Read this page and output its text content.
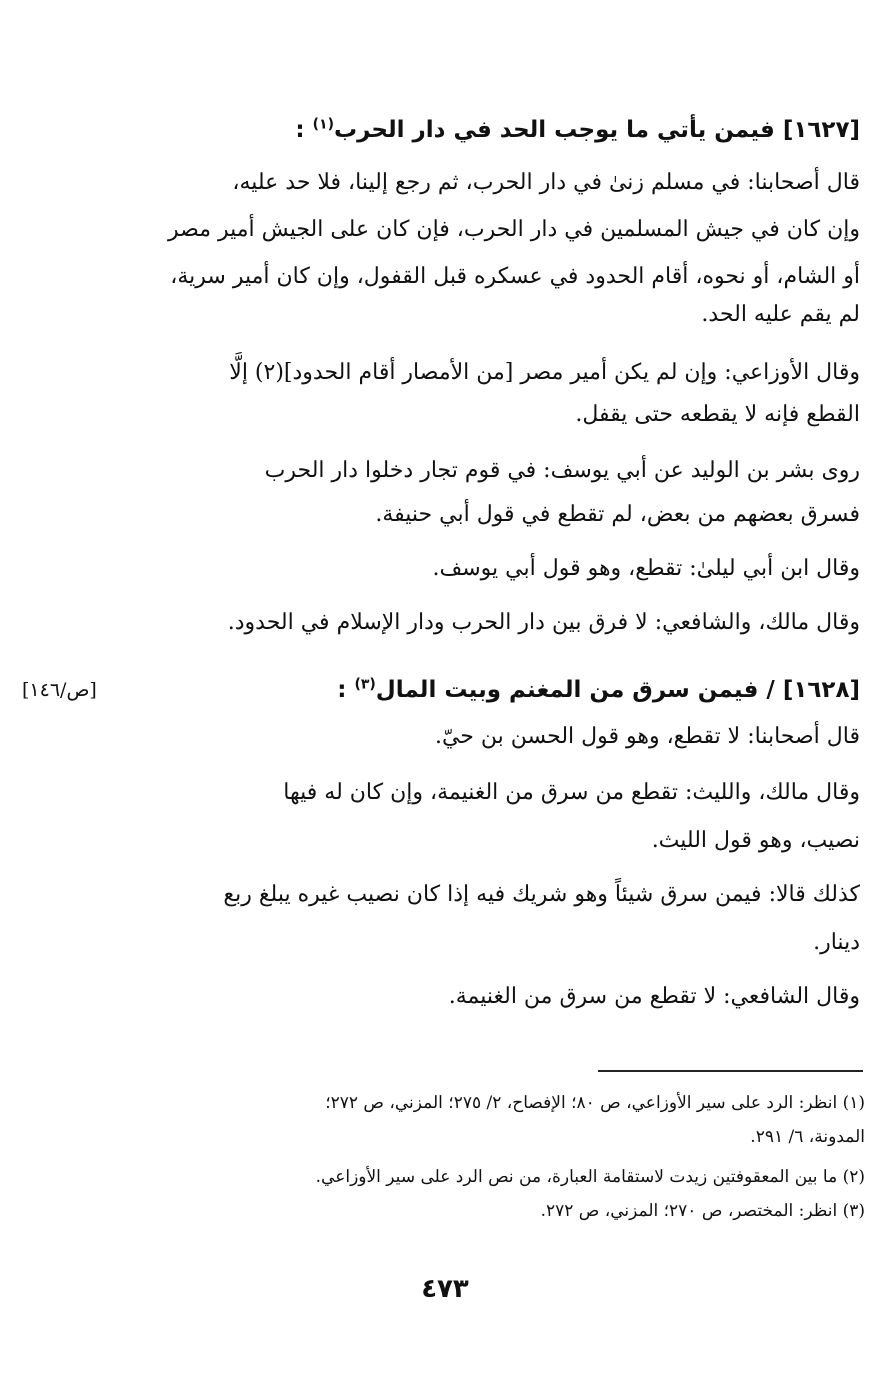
[١٦٢٧] فيمن يأتي ما يوجب الحد في دار الحرب$^{(١)}$ :
قال أصحابنا: في مسلم زنىٰ في دار الحرب، ثم رجع إلينا، فلا حد عليه،
وإن كان في جيش المسلمين في دار الحرب، فإن كان على الجيش أمير مصر
أو الشام، أو نحوه، أقام الحدود في عسكره قبل القفول، وإن كان أمير سرية،
لم يقم عليه الحد.
وقال الأوزاعي: وإن لم يكن أمير مصر [من الأمصار أقام الحدود](٢) إلَّا
القطع فإنه لا يقطعه حتى يقفل.
روى بشر بن الوليد عن أبي يوسف: في قوم تجار دخلوا دار الحرب
فسرق بعضهم من بعض، لم تقطع في قول أبي حنيفة.
وقال ابن أبي ليلىٰ: تقطع، وهو قول أبي يوسف.
وقال مالك، والشافعي: لا فرق بين دار الحرب ودار الإسلام في الحدود.
[١٦٢٨] / فيمن سرق من المغنم وبيت المال$^{(٣)}$ :
[ص/١٤٦]
قال أصحابنا: لا تقطع، وهو قول الحسن بن حيّ.
وقال مالك، والليث: تقطع من سرق من الغنيمة، وإن كان له فيها
نصيب، وهو قول الليث.
كذلك قالا: فيمن سرق شيئاً وهو شريك فيه إذا كان نصيب غيره يبلغ ربع
دينار.
وقال الشافعي: لا تقطع من سرق من الغنيمة.
(١) انظر: الرد على سير الأوزاعي، ص ٨٠؛ الإفصاح، ٢/ ٢٧٥؛ المزني، ص ٢٧٢؛
المدونة، ٦/ ٢٩١.
(٢) ما بين المعقوفتين زيدت لاستقامة العبارة، من نص الرد على سير الأوزاعي.
(٣) انظر: المختصر، ص ٢٧٠؛ المزني، ص ٢٧٢.
٤٧٣
